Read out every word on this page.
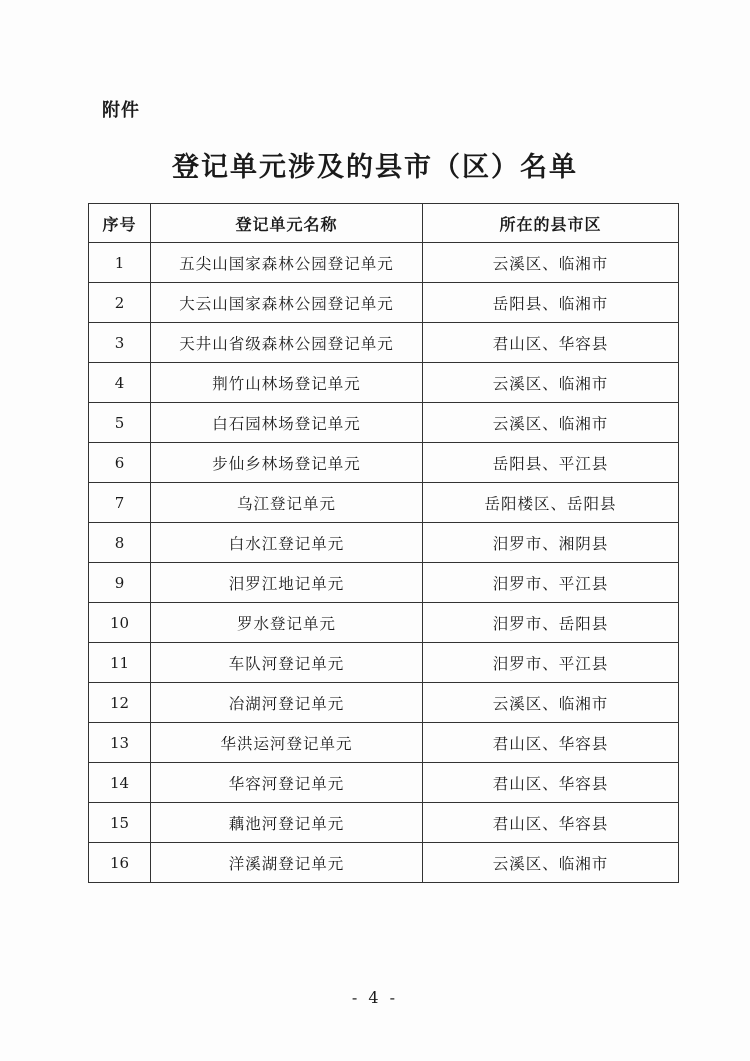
附件
登记单元涉及的县市（区）名单
序号	登记单元名称	所在的县市区
1	五尖山国家森林公园登记单元	云溪区、临湘市
2	大云山国家森林公园登记单元	岳阳县、临湘市
3	天井山省级森林公园登记单元	君山区、华容县
4	荆竹山林场登记单元	云溪区、临湘市
5	白石园林场登记单元	云溪区、临湘市
6	步仙乡林场登记单元	岳阳县、平江县
7	乌江登记单元	岳阳楼区、岳阳县
8	白水江登记单元	汨罗市、湘阴县
9	汨罗江地记单元	汨罗市、平江县
10	罗水登记单元	汨罗市、岳阳县
11	车队河登记单元	汨罗市、平江县
12	冶湖河登记单元	云溪区、临湘市
13	华洪运河登记单元	君山区、华容县
14	华容河登记单元	君山区、华容县
15	藕池河登记单元	君山区、华容县
16	洋溪湖登记单元	云溪区、临湘市
- 4 -
